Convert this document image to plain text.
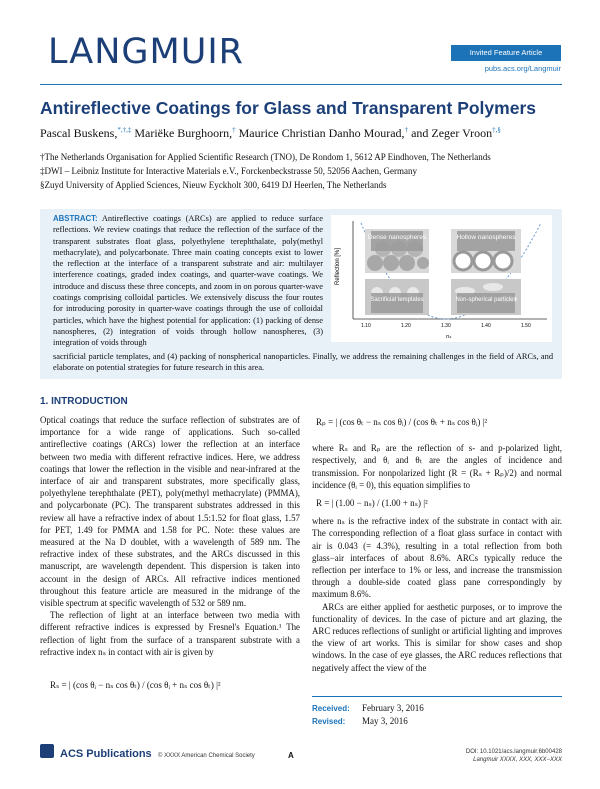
LANGMUIR	Invited Feature Article
pubs.acs.org/Langmuir
Antireflective Coatings for Glass and Transparent Polymers
Pascal Buskens,*,†,‡ Mariëke Burghoorn,† Maurice Christian Danho Mourad,† and Zeger Vroon†,§
†The Netherlands Organisation for Applied Scientific Research (TNO), De Rondom 1, 5612 AP Eindhoven, The Netherlands
‡DWI – Leibniz Institute for Interactive Materials e.V., Forckenbeckstrasse 50, 52056 Aachen, Germany
§Zuyd University of Applied Sciences, Nieuw Eyckholt 300, 6419 DJ Heerlen, The Netherlands
ABSTRACT: Antireflective coatings (ARCs) are applied to reduce surface reflections. We review coatings that reduce the reflection of the surface of the transparent substrates float glass, polyethylene terephthalate, poly(methyl methacrylate), and polycarbonate. Three main coating concepts exist to lower the reflection at the interface of a transparent substrate and air: multilayer interference coatings, graded index coatings, and quarter-wave coatings. We introduce and discuss these three concepts, and zoom in on porous quarter-wave coatings comprising colloidal particles. We extensively discuss the four routes for introducing porosity in quarter-wave coatings through the use of colloidal particles, which have the highest potential for application: (1) packing of dense nanospheres, (2) integration of voids through hollow nanospheres, (3) integration of voids through
sacrificial particle templates, and (4) packing of nonspherical nanoparticles. Finally, we address the remaining challenges in the field of ARCs, and elaborate on potential strategies for future research in this area.
Reflection [%]
Dense nanospheres	Hollow nanospheres
Sacrificial templates	Non-spherical particles
1.10	1.20	1.30	1.40	1.50
nₛ
1. INTRODUCTION

Optical coatings that reduce the surface reflection of substrates are of importance for a wide range of applications. Such so-called antireflective coatings (ARCs) lower the reflection at an interface between two media with different refractive indices. Here, we address coatings that lower the reflection in the visible and near-infrared at the interface of air and transparent substrates, more specifically glass, polyethylene terephthalate (PET), poly(methyl methacrylate) (PMMA), and polycarbonate (PC). The transparent substrates addressed in this review all have a refractive index of about 1.5:1.52 for float glass, 1.57 for PET, 1.49 for PMMA and 1.58 for PC. Note: these values are measured at the Na D doublet, with a wavelength of 589 nm. The refractive index of these substrates, and the ARCs discussed in this manuscript, are wavelength dependent. This dispersion is taken into account in the design of ARCs. All refractive indices mentioned throughout this feature article are measured in the midrange of the visible spectrum at specific wavelength of 532 or 589 nm.

The reflection of light at an interface between two media with different refractive indices is expressed by Fresnel's Equation.¹ The reflection of light from the surface of a transparent substrate with a refractive index nₛ in contact with air is given by

Rₛ = | (cos θᵢ − nₛ cos θₜ) / (cos θᵢ + nₛ cos θₜ) |²
Rₚ = | (cos θₜ − nₛ cos θᵢ) / (cos θₜ + nₛ cos θᵢ) |²
where Rₛ and Rₚ are the reflection of s- and p-polarized light, respectively, and θᵢ and θₜ are the angles of incidence and transmission. For nonpolarized light (R = (Rₛ + Rₚ)/2) and normal incidence (θᵢ = 0), this equation simplifies to
R = | (1.00 − nₛ) / (1.00 + nₛ) |²
where nₛ is the refractive index of the substrate in contact with air. The corresponding reflection of a float glass surface in contact with air is 0.043 (= 4.3%), resulting in a total reflection from both glass−air interfaces of about 8.6%. ARCs typically reduce the reflection per interface to 1% or less, and increase the transmission through a double-side coated glass pane correspondingly by maximum 8.6%.
ARCs are either applied for aesthetic purposes, or to improve the functionality of devices. In the case of picture and art glazing, the ARC reduces reflections of sunlight or artificial lighting and improves the view of art works. This is similar for show cases and shop windows. In the case of eye glasses, the ARC reduces reflections that negatively affect the view of the
Received: February 3, 2016
Revised: May 3, 2016
ACS Publications © XXXX American Chemical Society	A	DOI: 10.1021/acs.langmuir.6b00428
Langmuir XXXX, XXX, XXX−XXX
